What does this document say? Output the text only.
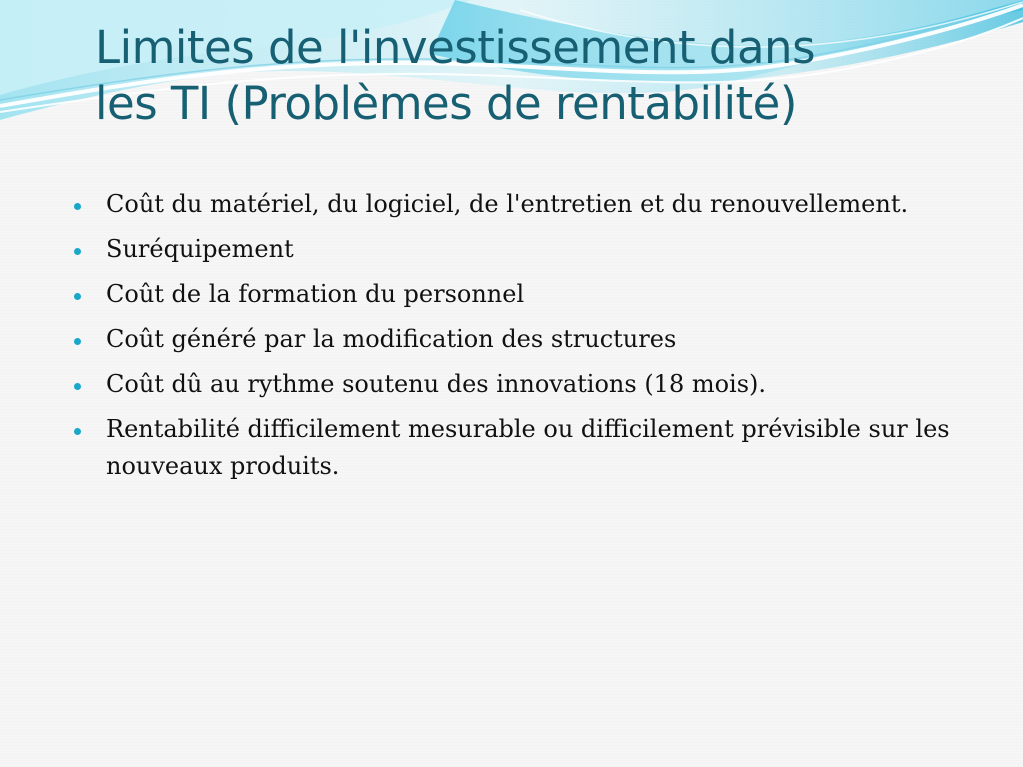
Limites de l'investissement dans
les TI (Problèmes de rentabilité)
Coût du matériel, du logiciel, de l'entretien et du renouvellement.
Suréquipement
Coût de la formation du personnel
Coût généré par la modification des structures
Coût dû au rythme soutenu des innovations (18 mois).
Rentabilité difficilement mesurable ou difficilement prévisible sur les nouveaux produits.
